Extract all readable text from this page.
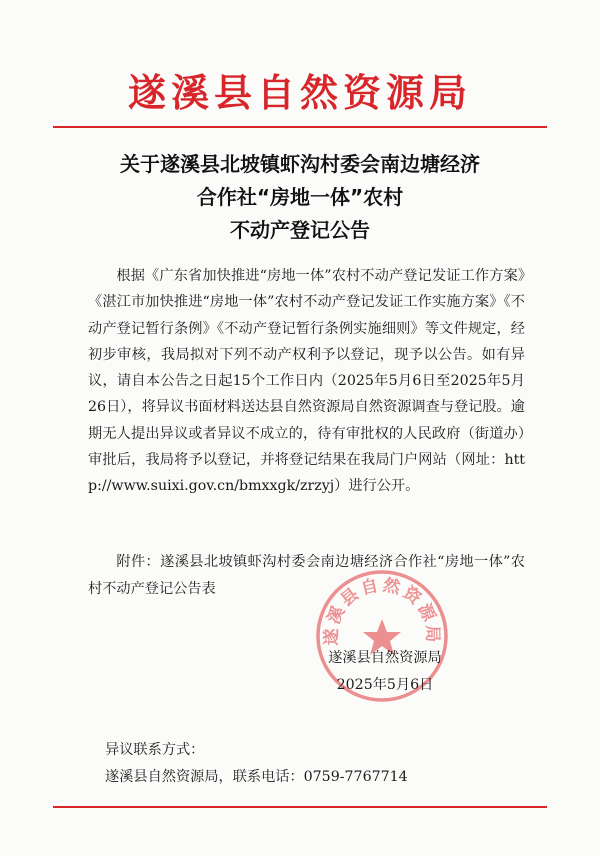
遂溪县自然资源局
关于遂溪县北坡镇虾沟村委会南边塘经济
合作社“房地一体”农村
不动产登记公告
根据《广东省加快推进“房地一体”农村不动产登记发证工作方案》《湛江市加快推进“房地一体”农村不动产登记发证工作实施方案》《不动产登记暂行条例》《不动产登记暂行条例实施细则》等文件规定，经初步审核，我局拟对下列不动产权利予以登记，现予以公告。如有异议，请自本公告之日起15个工作日内（2025年5月6日至2025年5月26日），将异议书面材料送达县自然资源局自然资源调查与登记股。逾期无人提出异议或者异议不成立的，待有审批权的人民政府（街道办）审批后，我局将予以登记，并将登记结果在我局门户网站（网址：http://www.suixi.gov.cn/bmxxgk/zrzyj）进行公开。
附件：遂溪县北坡镇虾沟村委会南边塘经济合作社“房地一体”农村不动产登记公告表
遂溪县自然资源局
遂溪县自然资源局
2025年5月6日
异议联系方式：
遂溪县自然资源局，联系电话：0759-7767714
